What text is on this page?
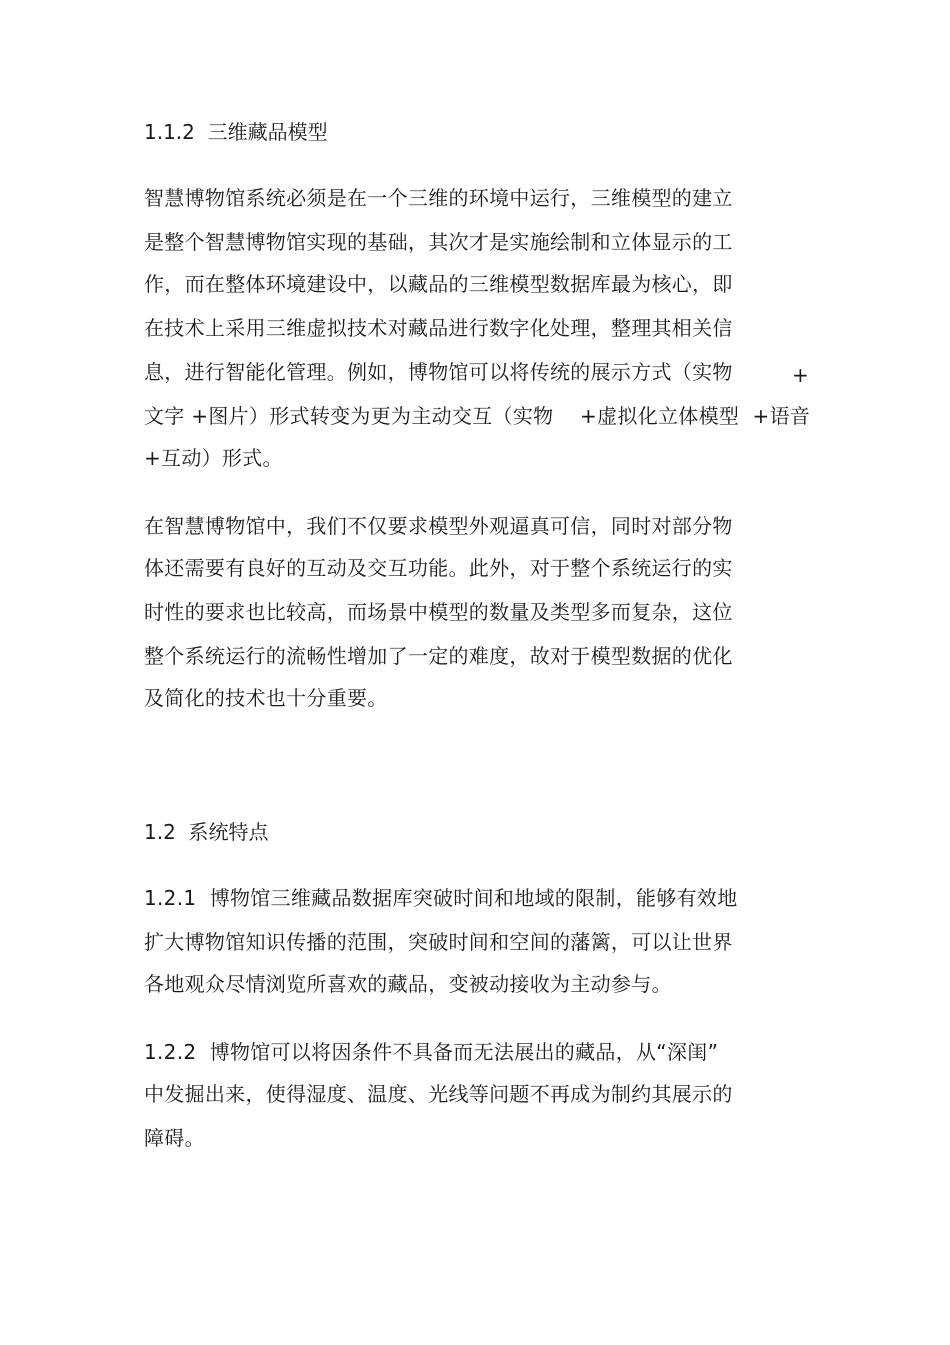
1.1.2  三维藏品模型
智慧博物馆系统必须是在一个三维的环境中运行，三维模型的建立
是整个智慧博物馆实现的基础，其次才是实施绘制和立体显示的工
作，而在整体环境建设中，以藏品的三维模型数据库最为核心，即
在技术上采用三维虚拟技术对藏品进行数字化处理，整理其相关信
息，进行智能化管理。例如，博物馆可以将传统的展示方式（实物	+
文字 +图片）形式转变为更为主动交互（实物    +虚拟化立体模型  +语音
+互动）形式。
在智慧博物馆中，我们不仅要求模型外观逼真可信，同时对部分物
体还需要有良好的互动及交互功能。此外，对于整个系统运行的实
时性的要求也比较高，而场景中模型的数量及类型多而复杂，这位
整个系统运行的流畅性增加了一定的难度，故对于模型数据的优化
及简化的技术也十分重要。
1.2  系统特点
1.2.1  博物馆三维藏品数据库突破时间和地域的限制，能够有效地
扩大博物馆知识传播的范围，突破时间和空间的藩篱，可以让世界
各地观众尽情浏览所喜欢的藏品，变被动接收为主动参与。
1.2.2  博物馆可以将因条件不具备而无法展出的藏品，从“深闺”
中发掘出来，使得湿度、温度、光线等问题不再成为制约其展示的
障碍。
